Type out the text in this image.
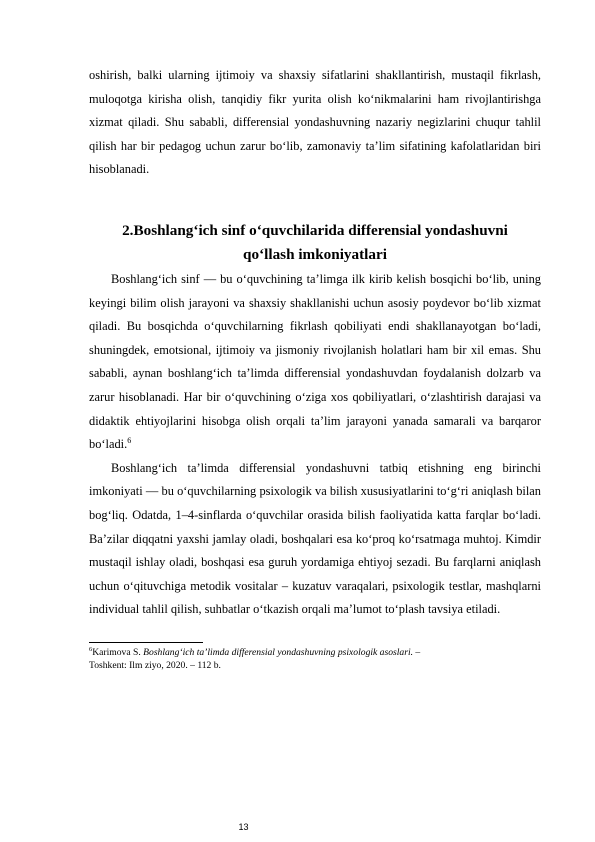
oshirish, balki ularning ijtimoiy va shaxsiy sifatlarini shakllantirish, mustaqil fikrlash, muloqotga kirisha olish, tanqidiy fikr yurita olish ko‘nikmalarini ham rivojlantirishga xizmat qiladi. Shu sababli, differensial yondashuvning nazariy negizlarini chuqur tahlil qilish har bir pedagog uchun zarur bo‘lib, zamonaviy ta’lim sifatining kafolatlaridan biri hisoblanadi.

2.Boshlang‘ich sinf o‘quvchilarida differensial yondashuvni qo‘llash imkoniyatlari

Boshlang‘ich sinf — bu o‘quvchining ta’limga ilk kirib kelish bosqichi bo‘lib, uning keyingi bilim olish jarayoni va shaxsiy shakllanishi uchun asosiy poydevor bo‘lib xizmat qiladi. Bu bosqichda o‘quvchilarning fikrlash qobiliyati endi shakllanayotgan bo‘ladi, shuningdek, emotsional, ijtimoiy va jismoniy rivojlanish holatlari ham bir xil emas. Shu sababli, aynan boshlang‘ich ta’limda differensial yondashuvdan foydalanish dolzarb va zarur hisoblanadi. Har bir o‘quvchining o‘ziga xos qobiliyatlari, o‘zlashtirish darajasi va didaktik ehtiyojlarini hisobga olish orqali ta’lim jarayoni yanada samarali va barqaror bo‘ladi.$^6$

Boshlang‘ich ta’limda differensial yondashuvni tatbiq etishning eng birinchi imkoniyati — bu o‘quvchilarning psixologik va bilish xususiyatlarini to‘g‘ri aniqlash bilan bog‘liq. Odatda, 1–4-sinflarda o‘quvchilar orasida bilish faoliyatida katta farqlar bo‘ladi. Ba’zilar diqqatni yaxshi jamlay oladi, boshqalari esa ko‘proq ko‘rsatmaga muhtoj. Kimdir mustaqil ishlay oladi, boshqasi esa guruh yordamiga ehtiyoj sezadi. Bu farqlarni aniqlash uchun o‘qituvchiga metodik vositalar – kuzatuv varaqalari, psixologik testlar, mashqlarni individual tahlil qilish, suhbatlar o‘tkazish orqali ma’lumot to‘plash tavsiya etiladi.

$^6$Karimova S. Boshlang‘ich ta’limda differensial yondashuvning psixologik asoslari. –
Toshkent: Ilm ziyo, 2020. – 112 b.

13
